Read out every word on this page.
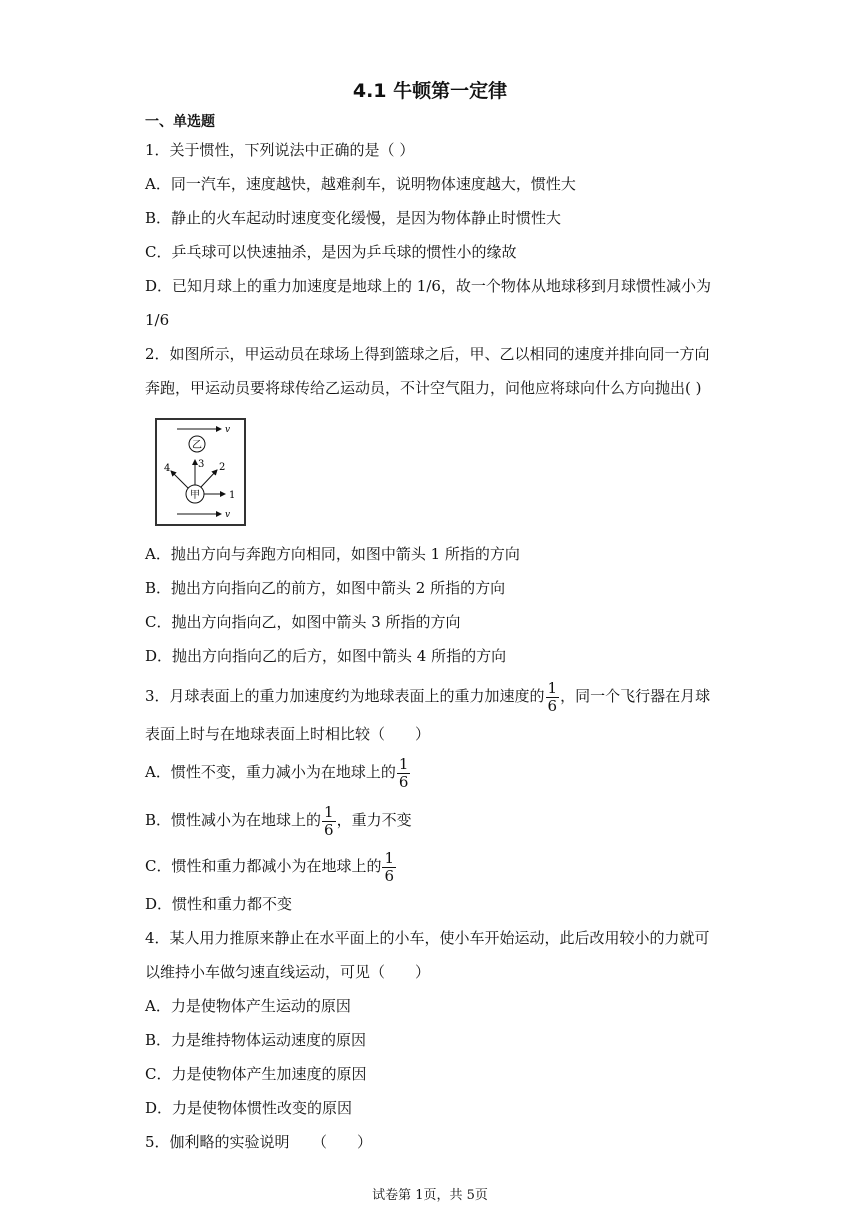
4.1 牛顿第一定律
一、单选题
1．关于惯性，下列说法中正确的是（ ）
A．同一汽车，速度越快，越难刹车，说明物体速度越大，惯性大
B．静止的火车起动时速度变化缓慢，是因为物体静止时惯性大
C．乒乓球可以快速抽杀，是因为乒乓球的惯性小的缘故
D．已知月球上的重力加速度是地球上的 1/6，故一个物体从地球移到月球惯性减小为
1/6
2．如图所示，甲运动员在球场上得到篮球之后，甲、乙以相同的速度并排向同一方向
奔跑，甲运动员要将球传给乙运动员，不计空气阻力，问他应将球向什么方向抛出( )
v
乙
甲	1
2
3
4
v
A．抛出方向与奔跑方向相同，如图中箭头 1 所指的方向
B．抛出方向指向乙的前方，如图中箭头 2 所指的方向
C．抛出方向指向乙，如图中箭头 3 所指的方向
D．抛出方向指向乙的后方，如图中箭头 4 所指的方向
3．月球表面上的重力加速度约为地球表面上的重力加速度的 $\frac{1}{6}$ ，同一个飞行器在月球
表面上时与在地球表面上时相比较（　　）
A．惯性不变，重力减小为在地球上的 $\frac{1}{6}$
B．惯性减小为在地球上的 $\frac{1}{6}$ ，重力不变
C．惯性和重力都减小为在地球上的 $\frac{1}{6}$
D．惯性和重力都不变
4．某人用力推原来静止在水平面上的小车，使小车开始运动，此后改用较小的力就可
以维持小车做匀速直线运动，可见（　　）
A．力是使物体产生运动的原因
B．力是维持物体运动速度的原因
C．力是使物体产生加速度的原因
D．力是使物体惯性改变的原因
5．伽利略的实验说明　　（　　）
试卷第 1页，共 5页
